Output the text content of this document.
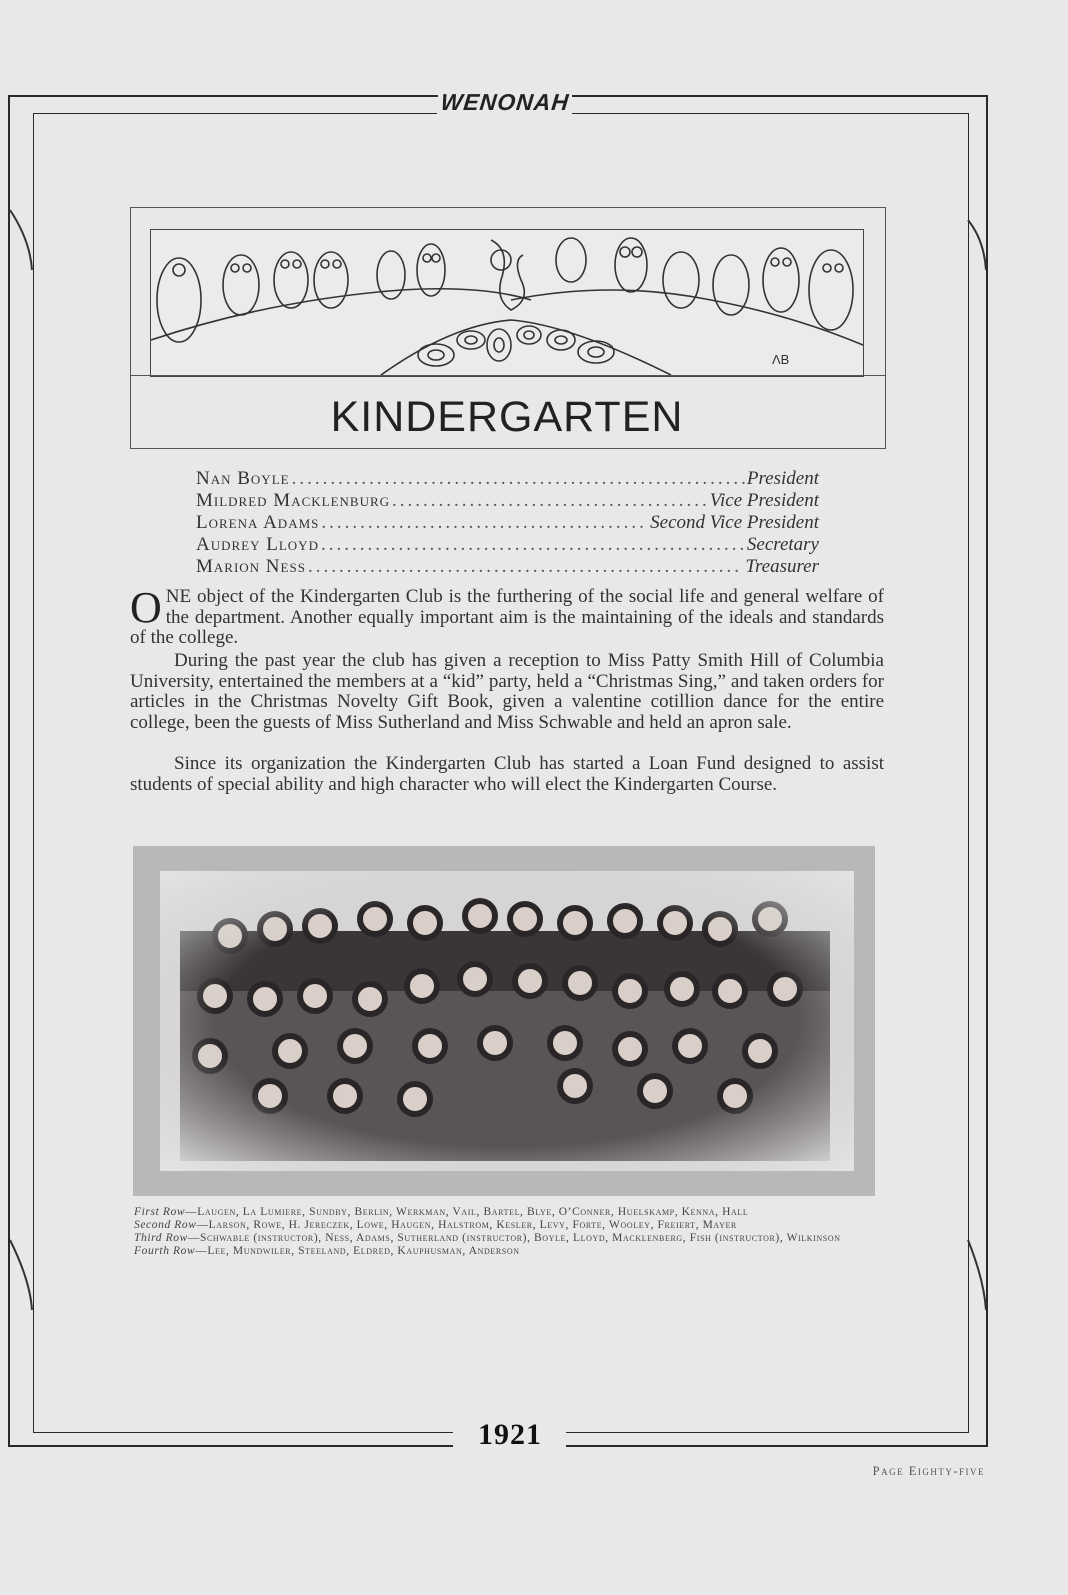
WENONAH
ΛB
KINDERGARTEN
Nan Boyle .....	President
Mildred Macklenburg .....	Vice President
Lorena Adams .....	Second Vice President
Audrey Lloyd .....	Secretary
Marion Ness .....	Treasurer
ONE object of the Kindergarten Club is the furthering of the social life and general welfare of the department. Another equally important aim is the maintaining of the ideals and standards of the college.
During the past year the club has given a reception to Miss Patty Smith Hill of Columbia University, entertained the members at a “kid” party, held a “Christmas Sing,” and taken orders for articles in the Christmas Novelty Gift Book, given a valentine cotillion dance for the entire college, been the guests of Miss Sutherland and Miss Schwable and held an apron sale.
Since its organization the Kindergarten Club has started a Loan Fund designed to assist students of special ability and high character who will elect the Kindergarten Course.
First Row—Laugen, La Lumiere, Sundby, Berlin, Werkman, Vail, Bartel, Blye, O’Conner, Huelskamp, Kenna, Hall
Second Row—Larson, Rowe, H. Jereczek, Lowe, Haugen, Halstrom, Kesler, Levy, Forte, Wooley, Freiert, Mayer
Third Row—Schwable (instructor), Ness, Adams, Sutherland (instructor), Boyle, Lloyd, Macklenberg, Fish (instructor), Wilkinson
Fourth Row—Lee, Mundwiler, Steeland, Eldred, Kauphusman, Anderson
1921
Page Eighty-five
